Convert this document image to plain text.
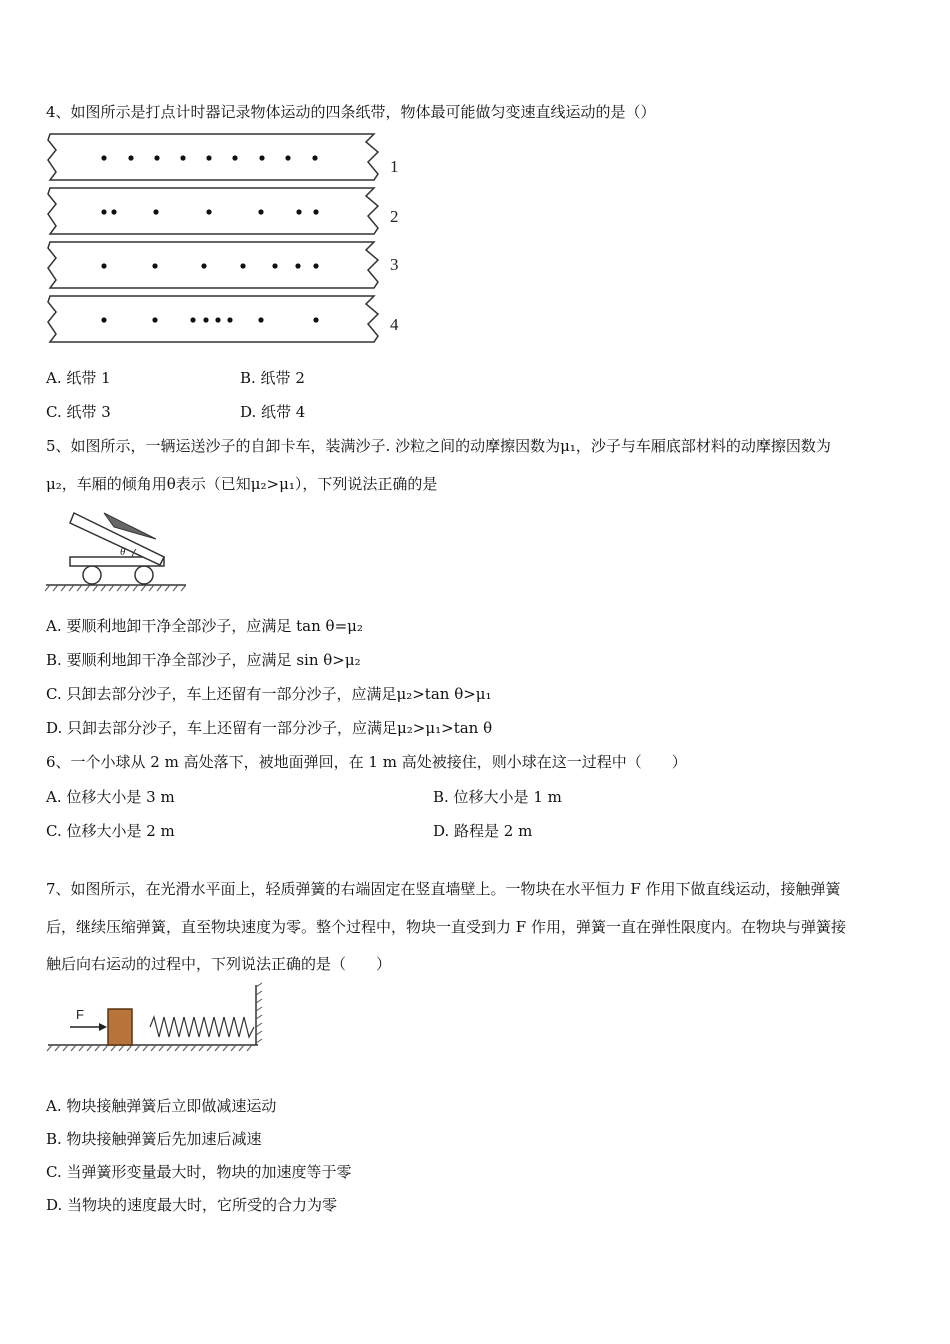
4、如图所示是打点计时器记录物体运动的四条纸带，物体最可能做匀变速直线运动的是（）
1
2
3
4
A. 纸带 1	B. 纸带 2
C. 纸带 3	D. 纸带 4
5、如图所示，一辆运送沙子的自卸卡车，装满沙子. 沙粒之间的动摩擦因数为μ₁，沙子与车厢底部材料的动摩擦因数为
μ₂，车厢的倾角用θ表示（已知μ₂>μ₁），下列说法正确的是
θ
A. 要顺利地卸干净全部沙子，应满足 tan θ=μ₂
B. 要顺利地卸干净全部沙子，应满足 sin θ>μ₂
C. 只卸去部分沙子，车上还留有一部分沙子，应满足μ₂>tan θ>μ₁
D. 只卸去部分沙子，车上还留有一部分沙子，应满足μ₂>μ₁>tan θ
6、一个小球从 2 m 高处落下，被地面弹回，在 1 m 高处被接住，则小球在这一过程中（　　）
A. 位移大小是 3 m	B. 位移大小是 1 m
C. 位移大小是 2 m	D. 路程是 2 m
7、如图所示，在光滑水平面上，轻质弹簧的右端固定在竖直墙壁上。一物块在水平恒力 F 作用下做直线运动，接触弹簧
后，继续压缩弹簧，直至物块速度为零。整个过程中，物块一直受到力 F 作用，弹簧一直在弹性限度内。在物块与弹簧接
触后向右运动的过程中，下列说法正确的是（　　）
F
A. 物块接触弹簧后立即做减速运动
B. 物块接触弹簧后先加速后减速
C. 当弹簧形变量最大时，物块的加速度等于零
D. 当物块的速度最大时，它所受的合力为零
